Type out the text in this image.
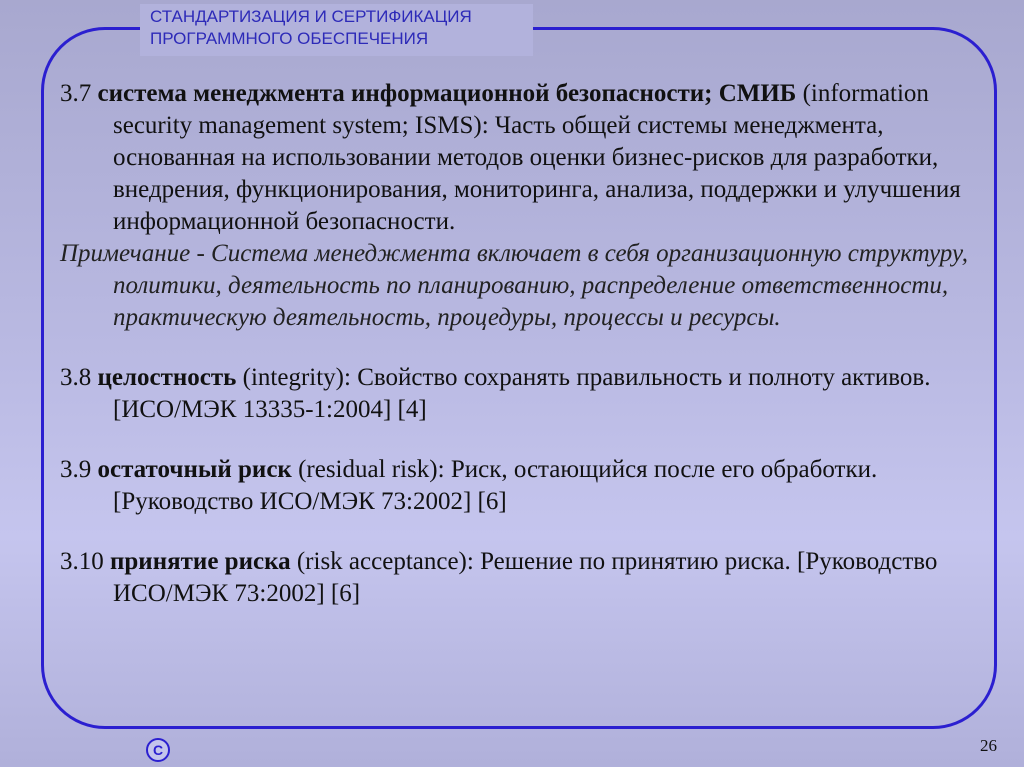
СТАНДАРТИЗАЦИЯ И СЕРТИФИКАЦИЯ
ПРОГРАММНОГО ОБЕСПЕЧЕНИЯ

3.7 система менеджмента информационной безопасности; СМИБ (information security management system; ISMS): Часть общей системы менеджмента, основанная на использовании методов оценки бизнес-рисков для разработки, внедрения, функционирования, мониторинга, анализа, поддержки и улучшения информационной безопасности.

Примечание - Система менеджмента включает в себя организационную структуру, политики, деятельность по планированию, распределение ответственности, практическую деятельность, процедуры, процессы и ресурсы.

3.8 целостность (integrity): Свойство сохранять правильность и полноту активов. [ИСО/МЭК 13335-1:2004] [4]

3.9 остаточный риск (residual risk): Риск, остающийся после его обработки. [Руководство ИСО/МЭК 73:2002] [6]

3.10 принятие риска (risk acceptance): Решение по принятию риска. [Руководство ИСО/МЭК 73:2002] [6]

С	26
